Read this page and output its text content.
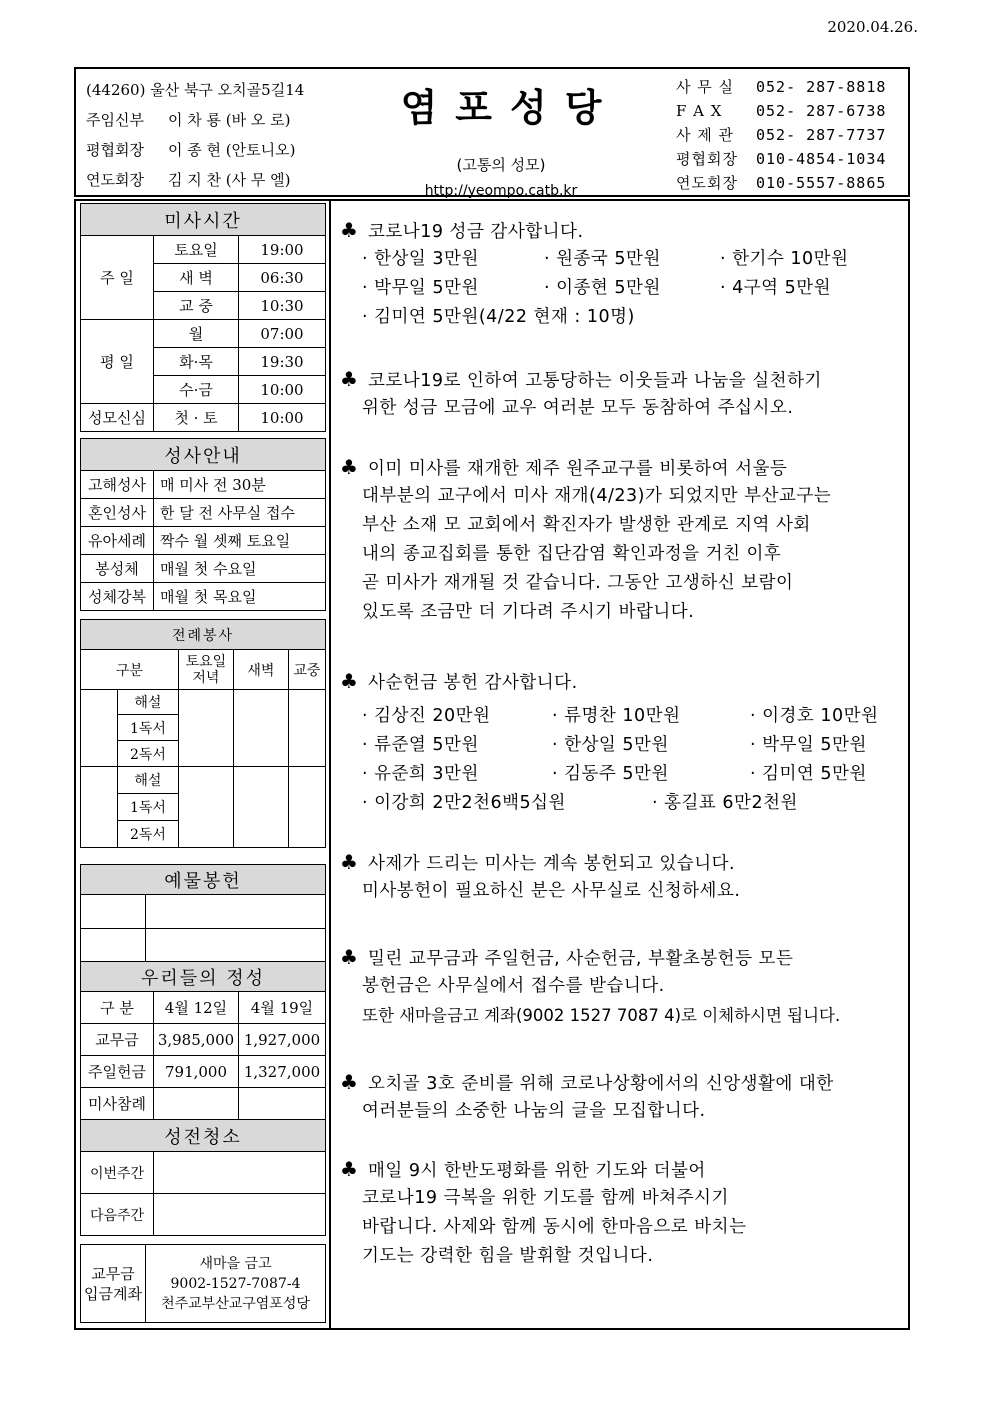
2020.04.26.
(44260) 울산 북구 오치골5길14
주임신부 이 차 룡 (바 오 로)
평협회장 이 종 현 (안토니오)
연도회장 김 지 찬 (사 무 엘)
염포성당
(고통의 성모)
http://yeompo.catb.kr
사 무 실 052- 287-8818
F A X 052- 287-6738
사 제 관 052- 287-7737
평협회장 010-4854-1034
연도회장 010-5557-8865
미사시간		
주 일	토요일	19:00
	새 벽	06:30
	교 중	10:30
평 일	월	07:00
	화·목	19:30
	수·금	10:00
성모신심	첫 · 토	10:00
성사안내	
고해성사	매 미사 전 30분
혼인성사	한 달 전 사무실 접수
유아세례	짝수 월 셋째 토요일
봉성체	매월 첫 수요일
성체강복	매월 첫 목요일
전례봉사				
구분		토요일 저녁	새벽	교중
	해설			
	1독서			
	2독서			
	해설			
	1독서			
	2독서			
예물봉헌	

우리들의 정성		
구 분	4월 12일	4월 19일
교무금	3,985,000	1,927,000
주일헌금	791,000	1,327,000
미사참례		
성전청소	
이번주간	
다음주간	
교무금
입금계좌	새마을 금고
9002-1527-7087-4
천주교부산교구염포성당
♣ 코로나19 성금 감사합니다.
· 한상일 3만원	· 원종국 5만원	· 한기수 10만원
· 박무일 5만원	· 이종현 5만원	· 4구역 5만원
· 김미연 5만원(4/22 현재 : 10명)
♣ 코로나19로 인하여 고통당하는 이웃들과 나눔을 실천하기
위한 성금 모금에 교우 여러분 모두 동참하여 주십시오.
♣ 이미 미사를 재개한 제주 원주교구를 비롯하여 서울등
대부분의 교구에서 미사 재개(4/23)가 되었지만 부산교구는
부산 소재 모 교회에서 확진자가 발생한 관계로 지역 사회
내의 종교집회를 통한 집단감염 확인과정을 거친 이후
곧 미사가 재개될 것 같습니다. 그동안 고생하신 보람이
있도록 조금만 더 기다려 주시기 바랍니다.
♣ 사순헌금 봉헌 감사합니다.
· 김상진 20만원	· 류명찬 10만원	· 이경호 10만원
· 류준열 5만원	· 한상일 5만원	· 박무일 5만원
· 유준희 3만원	· 김동주 5만원	· 김미연 5만원
· 이강희 2만2천6백5십원	· 홍길표 6만2천원
♣ 사제가 드리는 미사는 계속 봉헌되고 있습니다.
미사봉헌이 필요하신 분은 사무실로 신청하세요.
♣ 밀린 교무금과 주일헌금, 사순헌금, 부활초봉헌등 모든
봉헌금은 사무실에서 접수를 받습니다.
또한 새마을금고 계좌(9002 1527 7087 4)로 이체하시면 됩니다.
♣ 오치골 3호 준비를 위해 코로나상황에서의 신앙생활에 대한
여러분들의 소중한 나눔의 글을 모집합니다.
♣ 매일 9시 한반도평화를 위한 기도와 더불어
코로나19 극복을 위한 기도를 함께 바쳐주시기
바랍니다. 사제와 함께 동시에 한마음으로 바치는
기도는 강력한 힘을 발휘할 것입니다.
